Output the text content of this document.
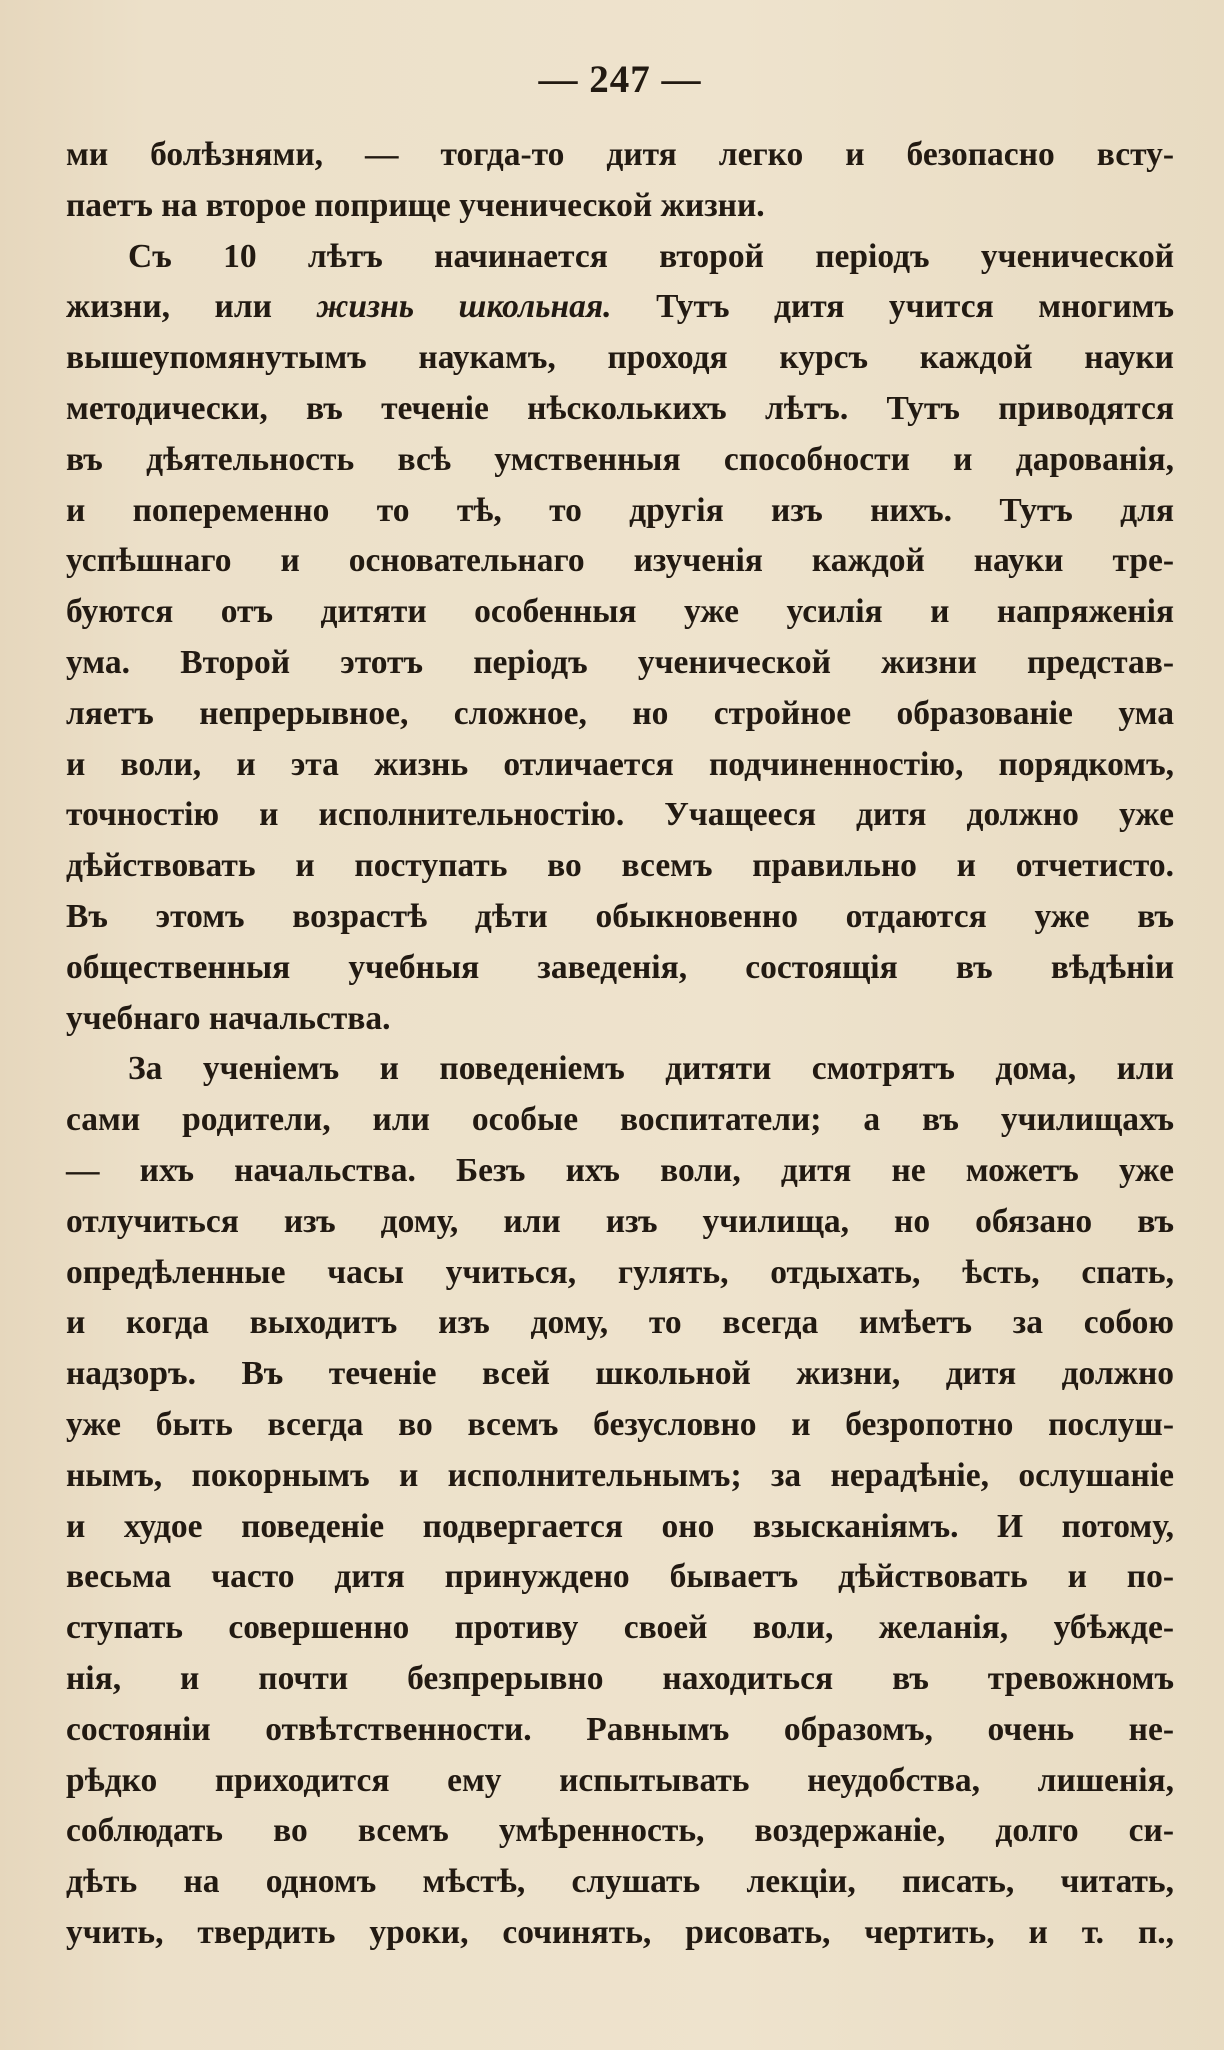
— 247 —
ми болѣзнями, — тогда-то дитя легко и безопасно всту-
паетъ на второе поприще ученической жизни.
Съ 10 лѣтъ начинается второй періодъ ученической
жизни, или жизнь школьная. Тутъ дитя учится многимъ
вышеупомянутымъ наукамъ, проходя курсъ каждой науки
методически, въ теченіе нѣсколькихъ лѣтъ. Тутъ приводятся
въ дѣятельность всѣ умственныя способности и дарованія,
и попеременно то тѣ, то другія изъ нихъ. Тутъ для
успѣшнаго и основательнаго изученія каждой науки тре-
буются отъ дитяти особенныя уже усилія и напряженія
ума. Второй этотъ періодъ ученической жизни представ-
ляетъ непрерывное, сложное, но стройное образованіе ума
и воли, и эта жизнь отличается подчиненностію, порядкомъ,
точностію и исполнительностію. Учащееся дитя должно уже
дѣйствовать и поступать во всемъ правильно и отчетисто.
Въ этомъ возрастѣ дѣти обыкновенно отдаются уже въ
общественныя учебныя заведенія, состоящія въ вѣдѣніи
учебнаго начальства.
За ученіемъ и поведеніемъ дитяти смотрятъ дома, или
сами родители, или особые воспитатели; а въ училищахъ
— ихъ начальства. Безъ ихъ воли, дитя не можетъ уже
отлучиться изъ дому, или изъ училища, но обязано въ
опредѣленные часы учиться, гулять, отдыхать, ѣсть, спать,
и когда выходитъ изъ дому, то всегда имѣетъ за собою
надзоръ. Въ теченіе всей школьной жизни, дитя должно
уже быть всегда во всемъ безусловно и безропотно послуш-
нымъ, покорнымъ и исполнительнымъ; за нерадѣніе, ослушаніе
и худое поведеніе подвергается оно взысканіямъ. И потому,
весьма часто дитя принуждено бываетъ дѣйствовать и по-
ступать совершенно противу своей воли, желанія, убѣжде-
нія, и почти безпрерывно находиться въ тревожномъ
состояніи отвѣтственности. Равнымъ образомъ, очень не-
рѣдко приходится ему испытывать неудобства, лишенія,
соблюдать во всемъ умѣренность, воздержаніе, долго си-
дѣть на одномъ мѣстѣ, слушать лекціи, писать, читать,
учить, твердить уроки, сочинять, рисовать, чертить, и т. п.,
